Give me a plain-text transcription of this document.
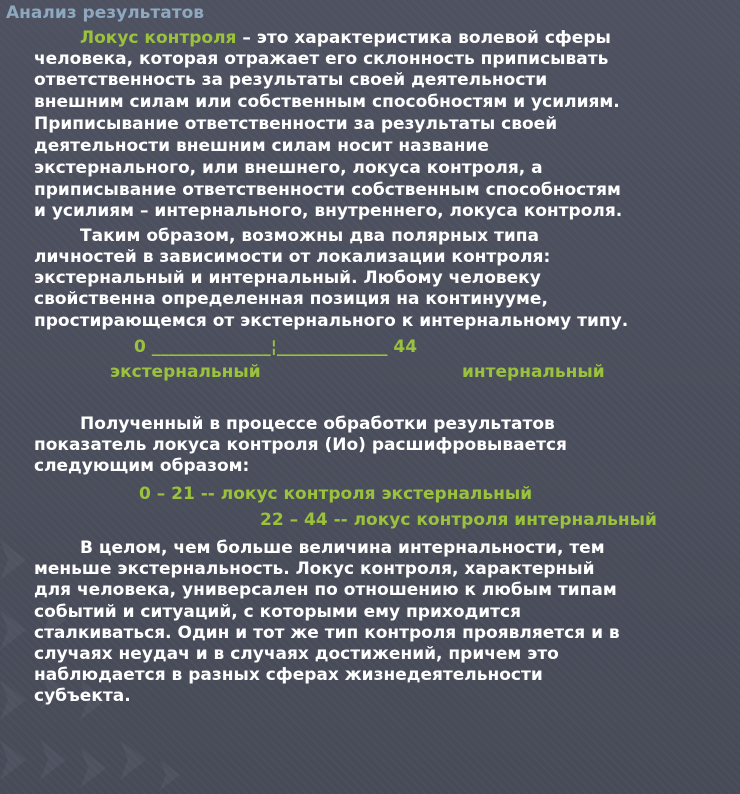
Анализ результатов

Локус контроля – это характеристика волевой сферы

человека, которая отражает его склонность приписывать

ответственность за результаты своей деятельности

внешним силам или собственным способностям и усилиям.

Приписывание ответственности за результаты своей

деятельности внешним силам носит название

экстернального, или внешнего, локуса контроля, а

приписывание ответственности собственным способностям

и усилиям – интернального, внутреннего, локуса контроля.

Таким образом, возможны два полярных типа

личностей в зависимости от локализации контроля:

экстернальный и интернальный. Любому человеку

свойственна определенная позиция на континууме,

простирающемся от экстернального к интернальному типу.

0 ______________¦_____________ 44

экстернальный	интернальный

Полученный в процессе обработки результатов

показатель локуса контроля (Ио) расшифровывается

следующим образом:

0 – 21 -- локус контроля экстернальный

22 – 44 -- локус контроля интернальный

В целом, чем больше величина интернальности, тем

меньше экстернальность. Локус контроля, характерный

для человека, универсален по отношению к любым типам

событий и ситуаций, с которыми ему приходится

сталкиваться. Один и тот же тип контроля проявляется и в

случаях неудач и в случаях достижений, причем это

наблюдается в разных сферах жизнедеятельности

субъекта.
